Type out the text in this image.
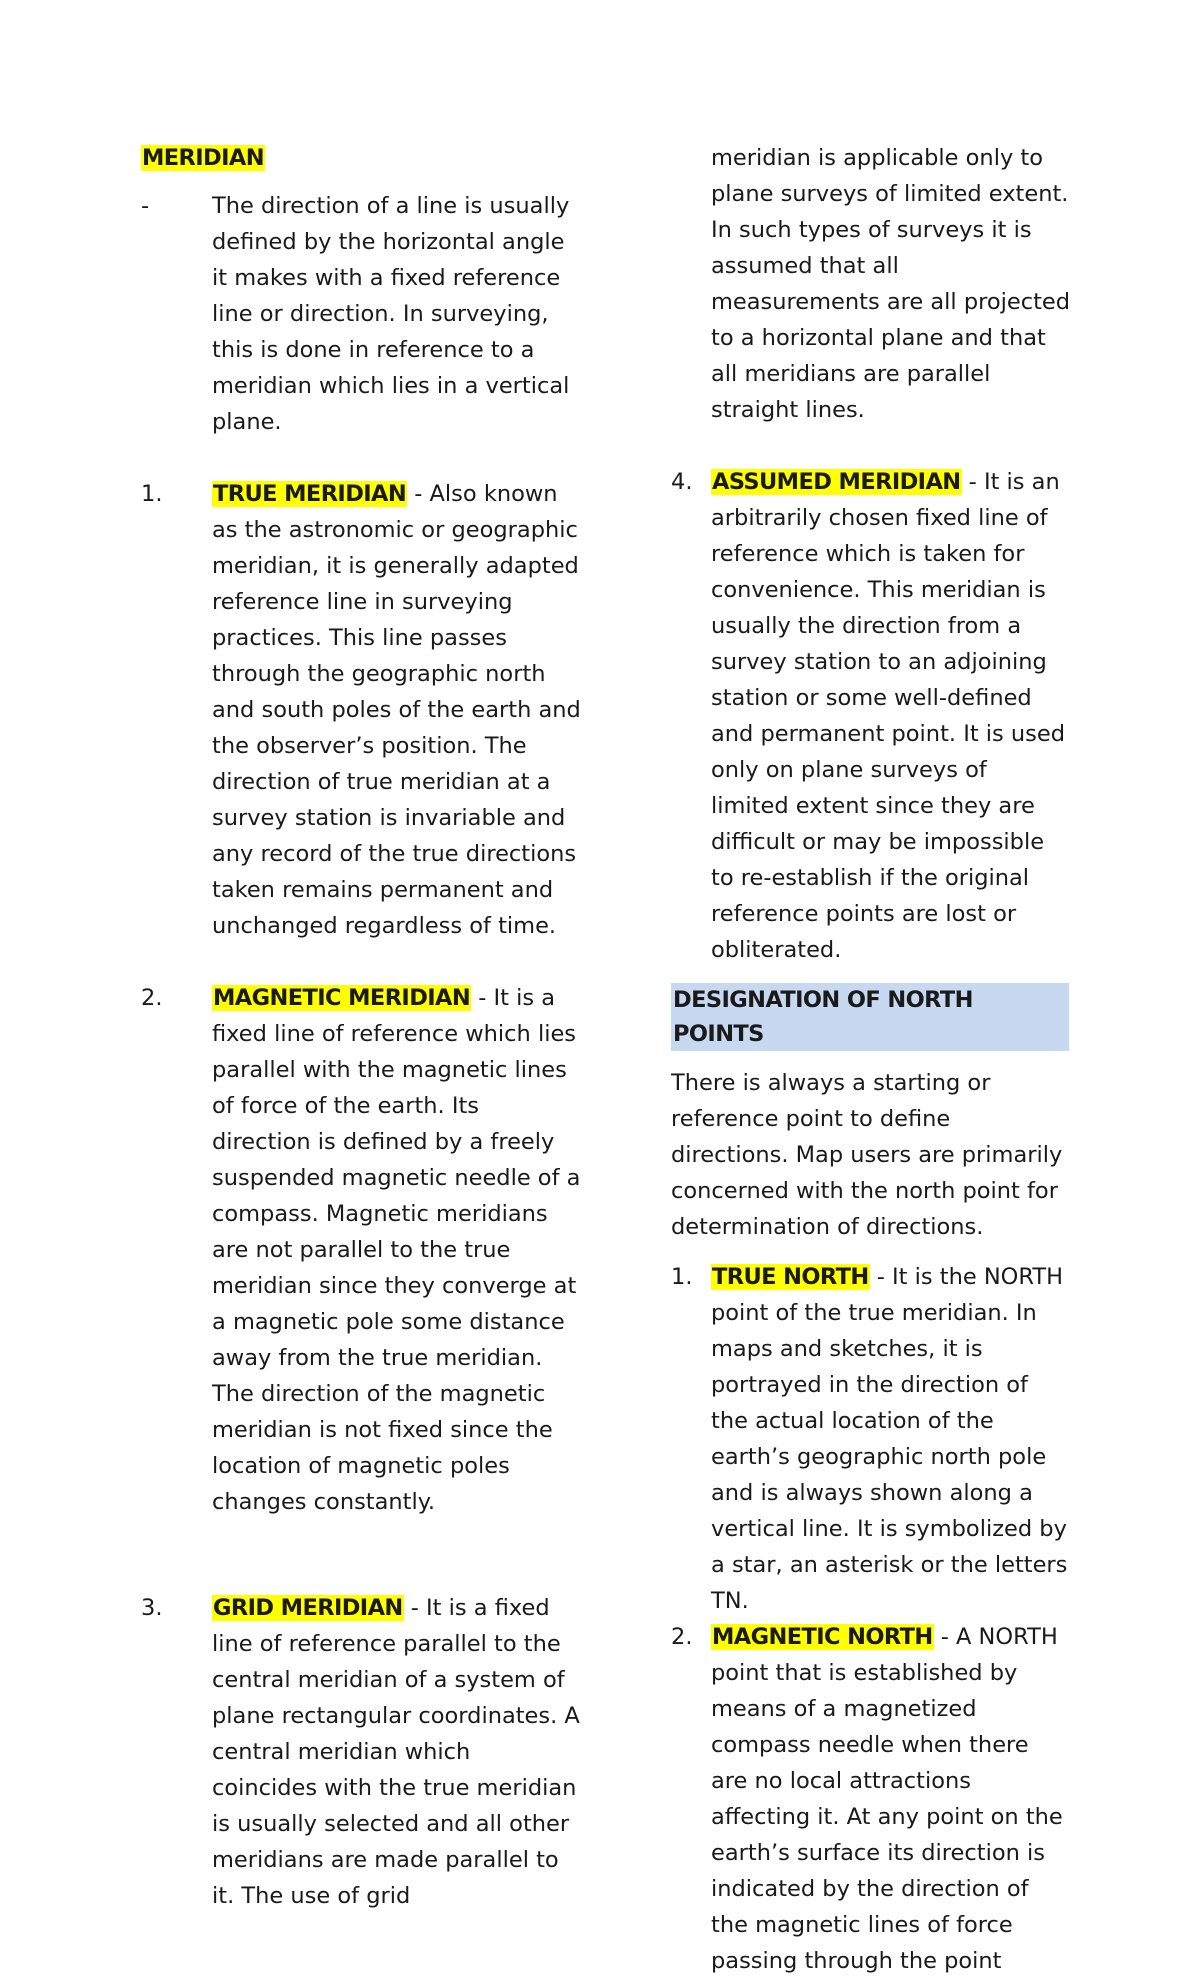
MERIDIAN
-	The direction of a line is usually defined by the horizontal angle it makes with a fixed reference line or direction. In surveying, this is done in reference to a meridian which lies in a vertical plane.
1. TRUE MERIDIAN - Also known as the astronomic or geographic meridian, it is generally adapted reference line in surveying practices. This line passes through the geographic north and south poles of the earth and the observer’s position. The direction of true meridian at a survey station is invariable and any record of the true directions taken remains permanent and unchanged regardless of time.
2. MAGNETIC MERIDIAN - It is a fixed line of reference which lies parallel with the magnetic lines of force of the earth. Its direction is defined by a freely suspended magnetic needle of a compass. Magnetic meridians are not parallel to the true meridian since they converge at a magnetic pole some distance away from the true meridian. The direction of the magnetic meridian is not fixed since the location of magnetic poles changes constantly.
3. GRID MERIDIAN - It is a fixed line of reference parallel to the central meridian of a system of plane rectangular coordinates. A central meridian which coincides with the true meridian is usually selected and all other meridians are made parallel to it. The use of grid
meridian is applicable only to plane surveys of limited extent. In such types of surveys it is assumed that all measurements are all projected to a horizontal plane and that all meridians are parallel straight lines.
4. ASSUMED MERIDIAN - It is an arbitrarily chosen fixed line of reference which is taken for convenience. This meridian is usually the direction from a survey station to an adjoining station or some well-defined and permanent point. It is used only on plane surveys of limited extent since they are difficult or may be impossible to re-establish if the original reference points are lost or obliterated.
DESIGNATION OF NORTH POINTS
There is always a starting or reference point to define directions. Map users are primarily concerned with the north point for determination of directions.
1. TRUE NORTH - It is the NORTH point of the true meridian. In maps and sketches, it is portrayed in the direction of the actual location of the earth’s geographic north pole and is always shown along a vertical line. It is symbolized by a star, an asterisk or the letters TN.
2. MAGNETIC NORTH - A NORTH point that is established by means of a magnetized compass needle when there are no local attractions affecting it. At any point on the earth’s surface its direction is indicated by the direction of the magnetic lines of force passing through the point
